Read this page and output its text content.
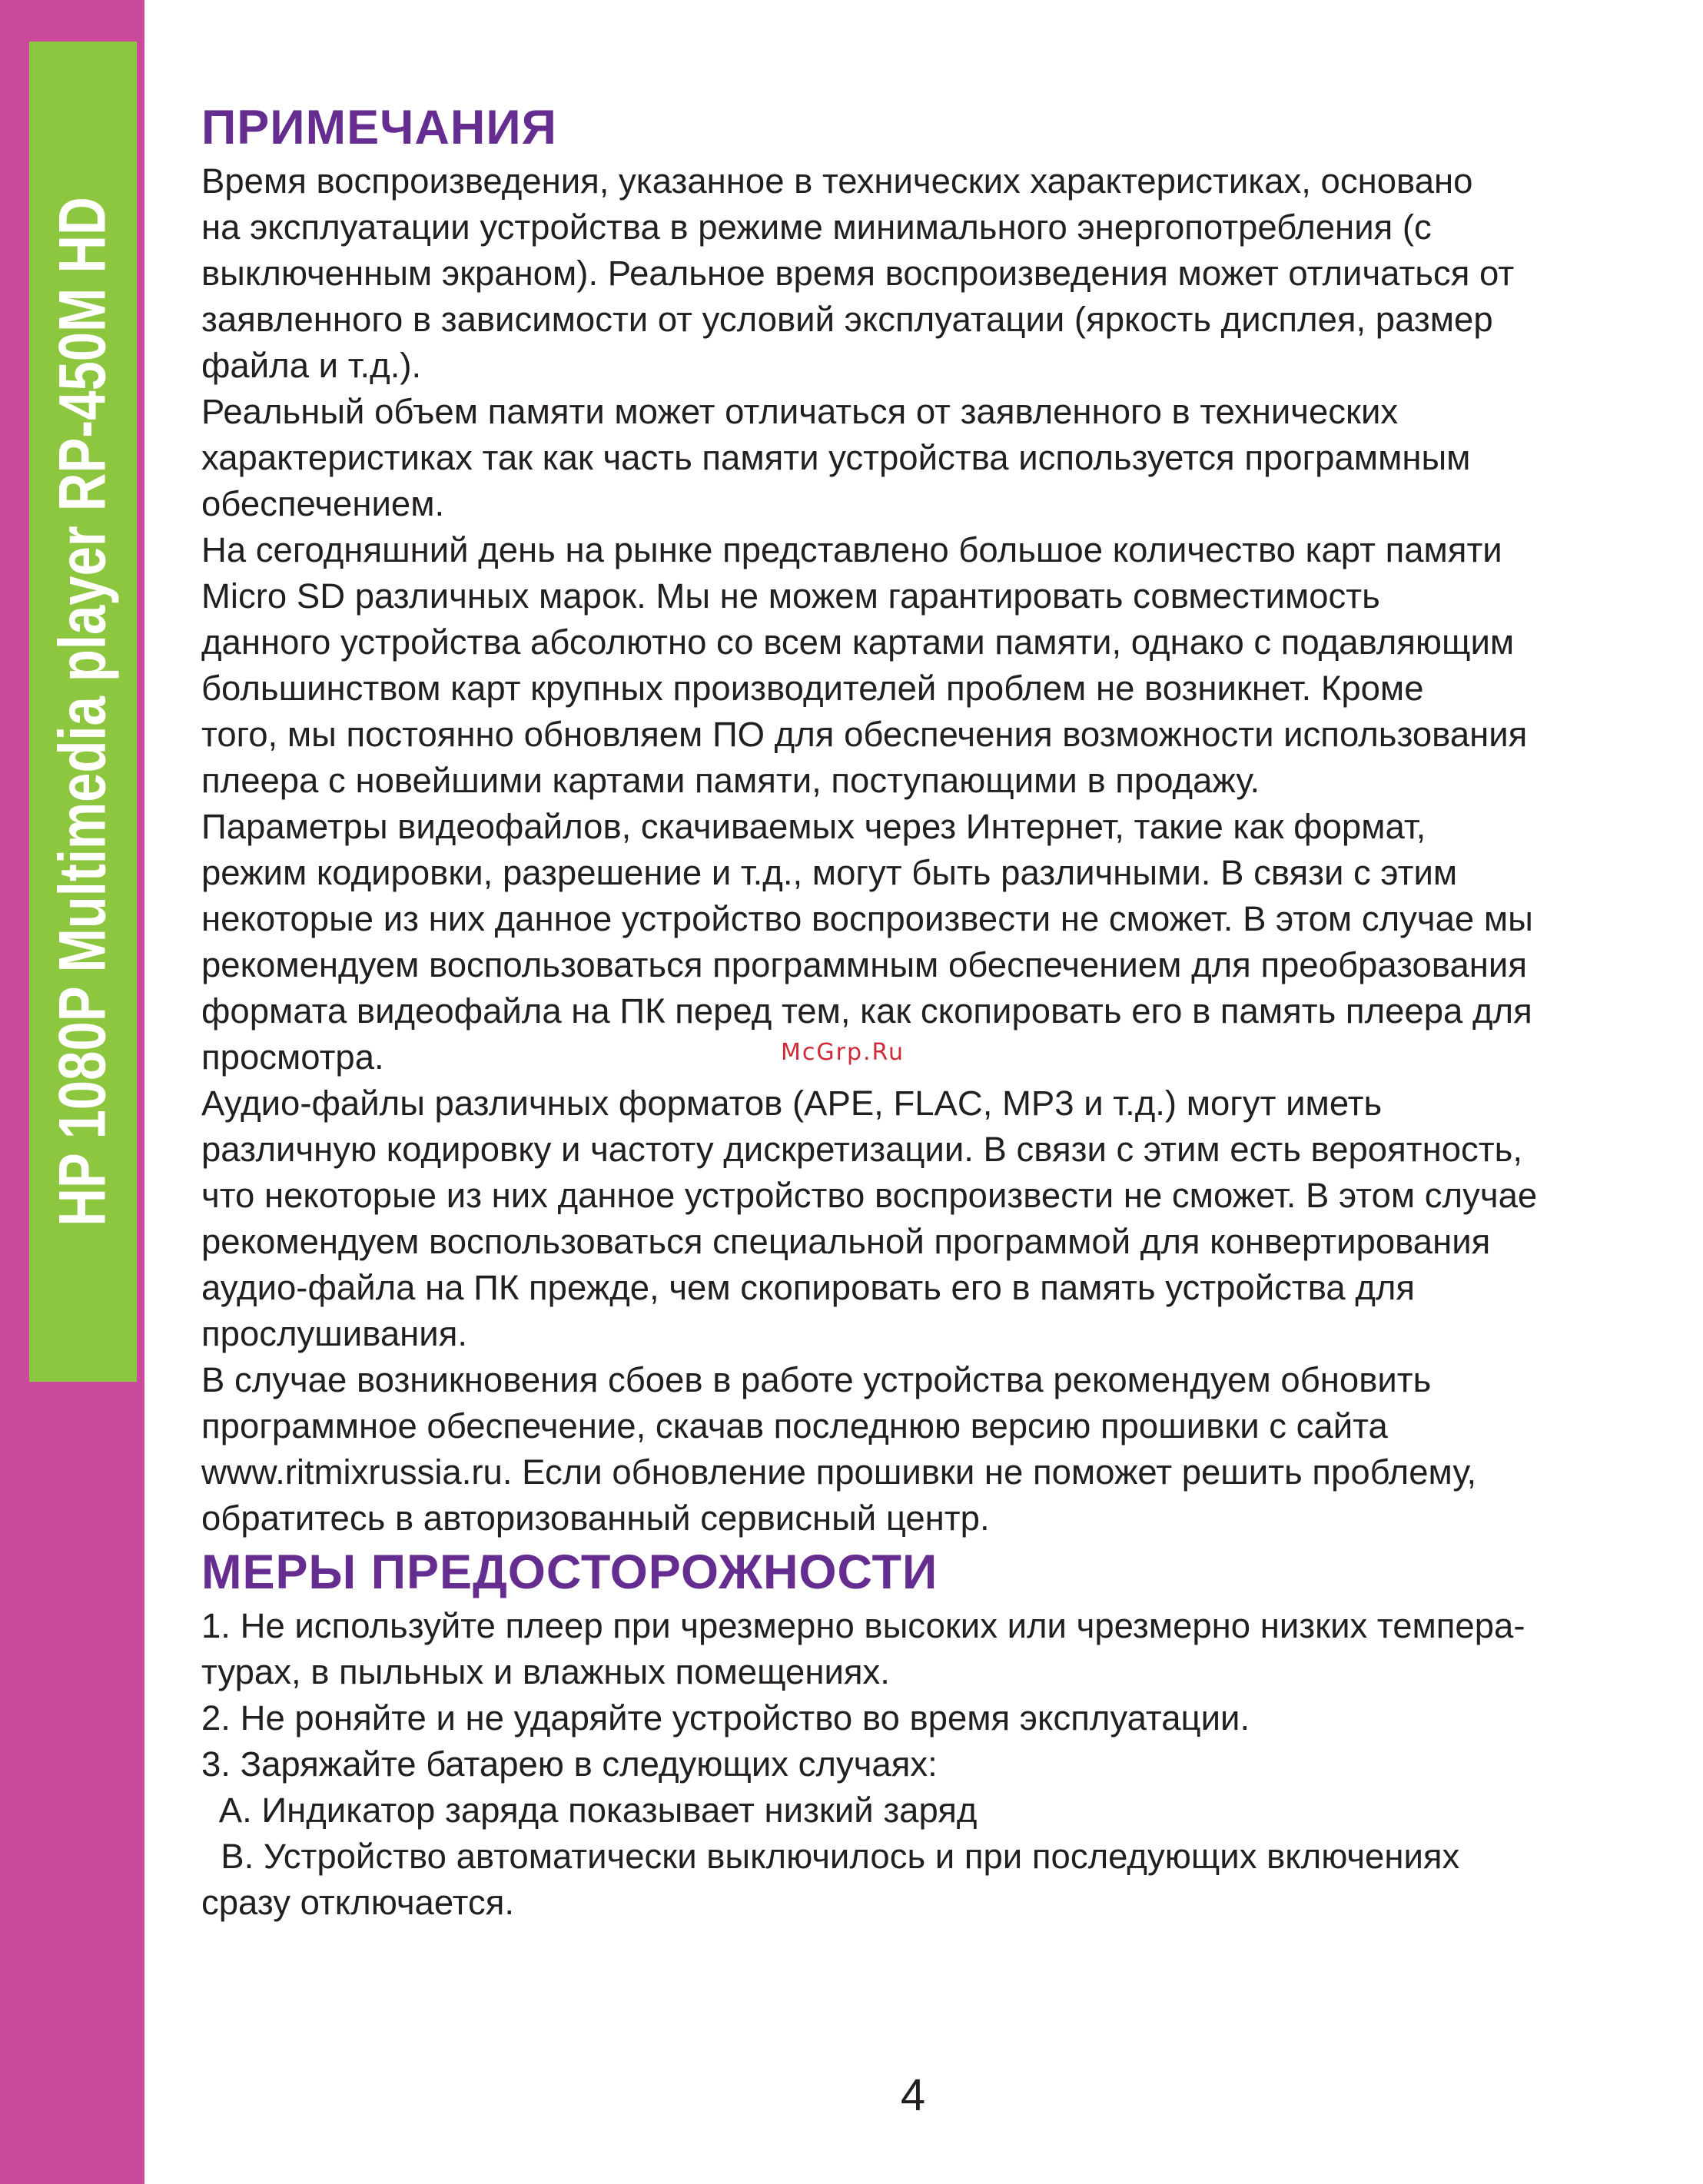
HP 1080P Multimedia player RP-450M HD
ПРИМЕЧАНИЯ

Время воспроизведения, указанное в технических характеристиках, основано
на эксплуатации устройства в режиме минимального энергопотребления (с
выключенным экраном). Реальное время воспроизведения может отличаться от
заявленного в зависимости от условий эксплуатации (яркость дисплея, размер
файла и т.д.).

Реальный объем памяти может отличаться от заявленного в технических
характеристиках так как часть памяти устройства используется программным
обеспечением.

На сегодняшний день на рынке представлено большое количество карт памяти
Micro SD различных марок. Мы не можем гарантировать совместимость
данного устройства абсолютно со всем картами памяти, однако с подавляющим
большинством карт крупных производителей проблем не возникнет. Кроме
того, мы постоянно обновляем ПО для обеспечения возможности использования
плеера с новейшими картами памяти, поступающими в продажу.

Параметры видеофайлов, скачиваемых через Интернет, такие как формат,
режим кодировки, разрешение и т.д., могут быть различными. В связи с этим
некоторые из них данное устройство воспроизвести не сможет. В этом случае мы
рекомендуем воспользоваться программным обеспечением для преобразования
формата видеофайла на ПК перед тем, как скопировать его в память плеера для
просмотра.

Аудио-файлы различных форматов (APE, FLAC, MP3 и т.д.) могут иметь
различную кодировку и частоту дискретизации. В связи с этим есть вероятность,
что некоторые из них данное устройство воспроизвести не сможет. В этом случае
рекомендуем воспользоваться специальной программой для конвертирования
аудио-файла на ПК прежде, чем скопировать его в память устройства для
прослушивания.

В случае возникновения сбоев в работе устройства рекомендуем обновить
программное обеспечение, скачав последнюю версию прошивки с сайта
www.ritmixrussia.ru. Если обновление прошивки не поможет решить проблему,
обратитесь в авторизованный сервисный центр.

МЕРЫ ПРЕДОСТОРОЖНОСТИ

1. Не используйте плеер при чрезмерно высоких или чрезмерно низких темпера-
турах, в пыльных и влажных помещениях.
2. Не роняйте и не ударяйте устройство во время эксплуатации.
3. Заряжайте батарею в следующих случаях:
A. Индикатор заряда показывает низкий заряд
B. Устройство автоматически выключилось и при последующих включениях
сразу отключается.

McGrp.Ru
4
